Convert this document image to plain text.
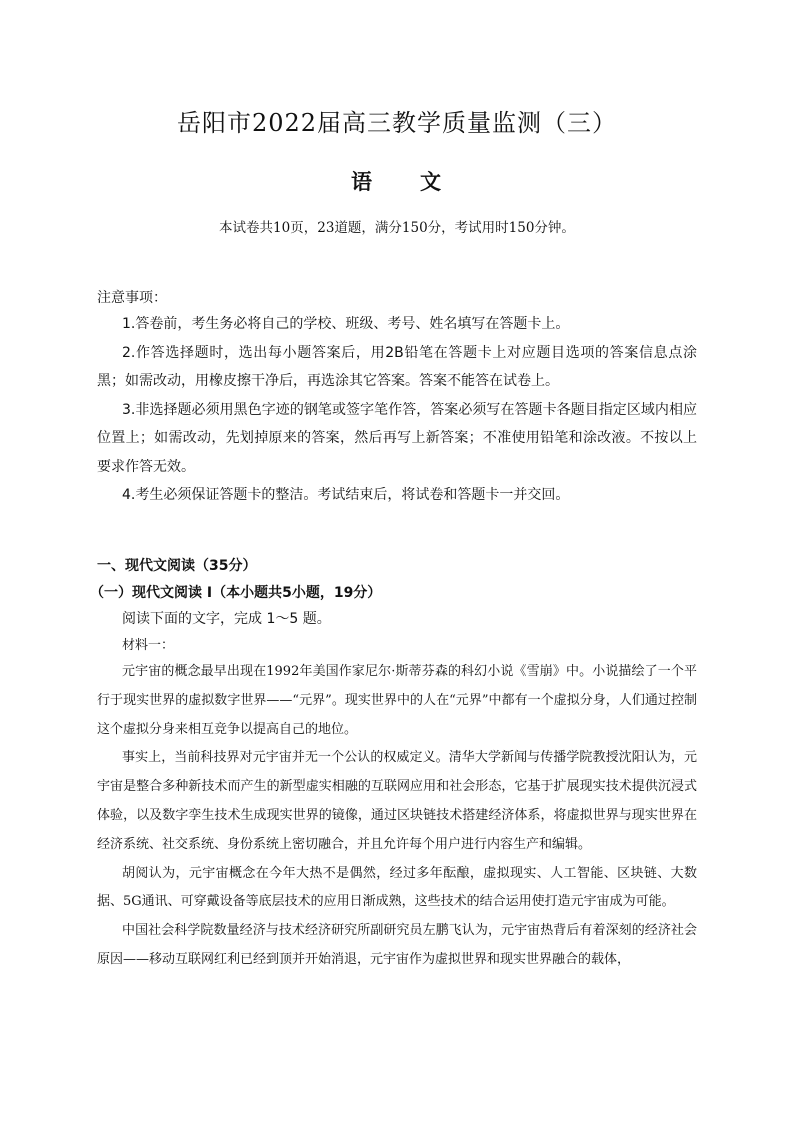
岳阳市2022届高三教学质量监测（三）
语　　文
本试卷共10页，23道题，满分150分，考试用时150分钟。
注意事项：

1.答卷前，考生务必将自己的学校、班级、考号、姓名填写在答题卡上。

2.作答选择题时，选出每小题答案后，用2B铅笔在答题卡上对应题目选项的答案信息点涂黑；如需改动，用橡皮擦干净后，再选涂其它答案。答案不能答在试卷上。

3.非选择题必须用黑色字迹的钢笔或签字笔作答，答案必须写在答题卡各题目指定区域内相应位置上；如需改动，先划掉原来的答案，然后再写上新答案；不准使用铅笔和涂改液。不按以上要求作答无效。

4.考生必须保证答题卡的整洁。考试结束后，将试卷和答题卡一并交回。

一、现代文阅读（35分）
（一）现代文阅读 I（本小题共5小题，19分）
阅读下面的文字，完成 1～5 题。
材料一：

元宇宙的概念最早出现在1992年美国作家尼尔·斯蒂芬森的科幻小说《雪崩》中。小说描绘了一个平行于现实世界的虚拟数字世界——“元界”。现实世界中的人在“元界”中都有一个虚拟分身，人们通过控制这个虚拟分身来相互竞争以提高自己的地位。

事实上，当前科技界对元宇宙并无一个公认的权威定义。清华大学新闻与传播学院教授沈阳认为，元宇宙是整合多种新技术而产生的新型虚实相融的互联网应用和社会形态，它基于扩展现实技术提供沉浸式体验，以及数字孪生技术生成现实世界的镜像，通过区块链技术搭建经济体系，将虚拟世界与现实世界在经济系统、社交系统、身份系统上密切融合，并且允许每个用户进行内容生产和编辑。

胡阅认为，元宇宙概念在今年大热不是偶然，经过多年酝酿，虚拟现实、人工智能、区块链、大数据、5G通讯、可穿戴设备等底层技术的应用日渐成熟，这些技术的结合运用使打造元宇宙成为可能。

中国社会科学院数量经济与技术经济研究所副研究员左鹏飞认为，元宇宙热背后有着深刻的经济社会原因——移动互联网红利已经到顶并开始消退，元宇宙作为虚拟世界和现实世界融合的载体，
